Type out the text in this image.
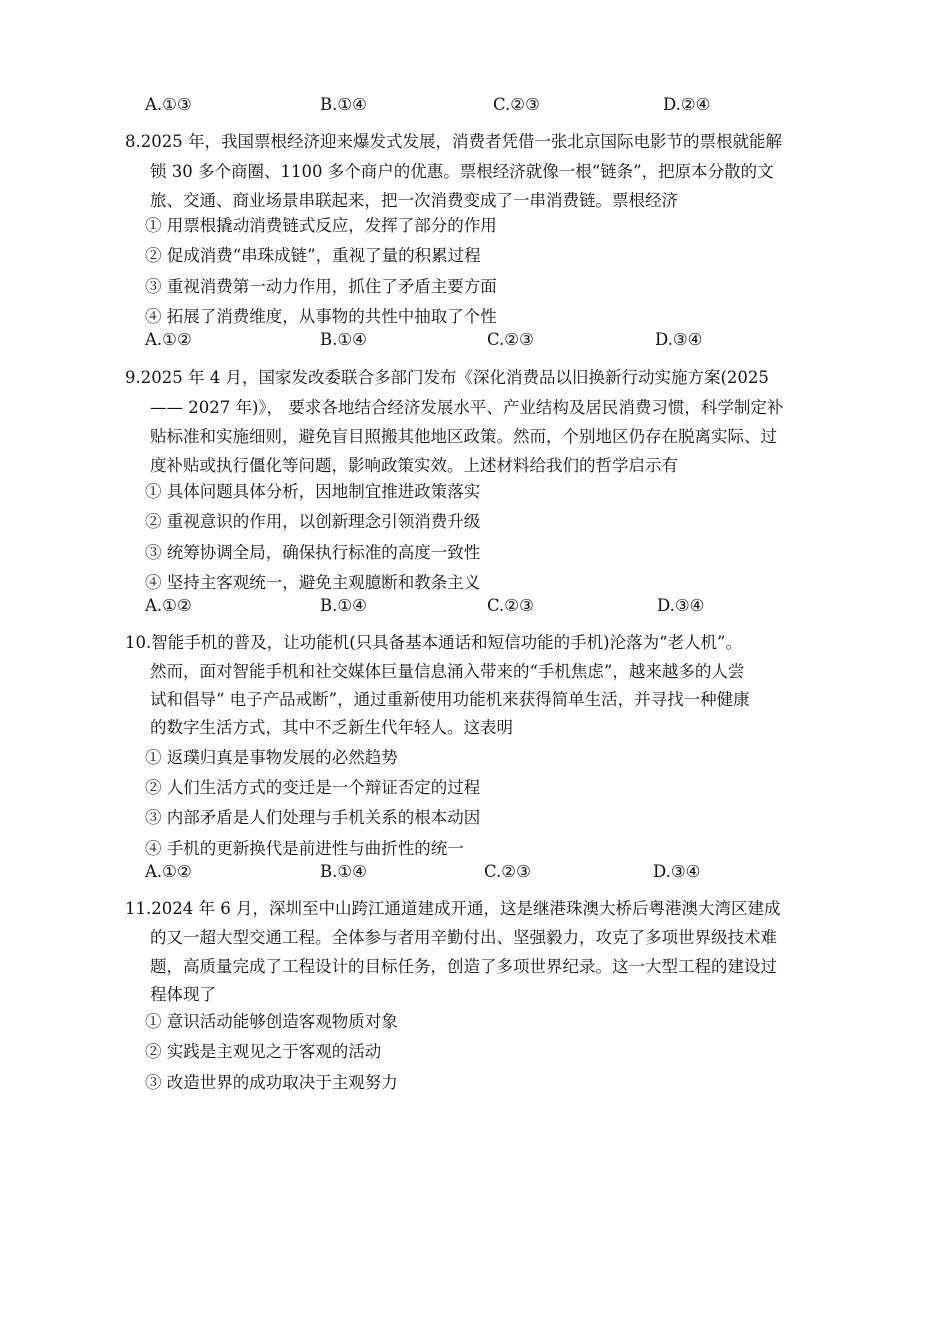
A.①③	B.①④	C.②③	D.②④
8.2025 年，我国票根经济迎来爆发式发展，消费者凭借一张北京国际电影节的票根就能解
锁 30 多个商圈、1100 多个商户的优惠。票根经济就像一根“链条”，把原本分散的文
旅、交通、商业场景串联起来，把一次消费变成了一串消费链。票根经济
① 用票根撬动消费链式反应，发挥了部分的作用
② 促成消费“串珠成链”，重视了量的积累过程
③ 重视消费第一动力作用，抓住了矛盾主要方面
④ 拓展了消费维度，从事物的共性中抽取了个性
A.①②	B.①④	C.②③	D.③④
9.2025 年 4 月，国家发改委联合多部门发布《深化消费品以旧换新行动实施方案(2025
—— 2027 年)》， 要求各地结合经济发展水平、产业结构及居民消费习惯，科学制定补
贴标准和实施细则，避免盲目照搬其他地区政策。然而，个别地区仍存在脱离实际、过
度补贴或执行僵化等问题，影响政策实效。上述材料给我们的哲学启示有
① 具体问题具体分析，因地制宜推进政策落实
② 重视意识的作用，以创新理念引领消费升级
③ 统筹协调全局，确保执行标准的高度一致性
④ 坚持主客观统一，避免主观臆断和教条主义
A.①②	B.①④	C.②③	D.③④
10.智能手机的普及，让功能机(只具备基本通话和短信功能的手机)沦落为“老人机”。
然而，面对智能手机和社交媒体巨量信息涌入带来的“手机焦虑”，越来越多的人尝
试和倡导“ 电子产品戒断”，通过重新使用功能机来获得简单生活，并寻找一种健康
的数字生活方式，其中不乏新生代年轻人。这表明
① 返璞归真是事物发展的必然趋势
② 人们生活方式的变迁是一个辩证否定的过程
③ 内部矛盾是人们处理与手机关系的根本动因
④ 手机的更新换代是前进性与曲折性的统一
A.①②	B.①④	C.②③	D.③④
11.2024 年 6 月，深圳至中山跨江通道建成开通，这是继港珠澳大桥后粤港澳大湾区建成
的又一超大型交通工程。全体参与者用辛勤付出、坚强毅力，攻克了多项世界级技术难
题，高质量完成了工程设计的目标任务，创造了多项世界纪录。这一大型工程的建设过
程体现了
① 意识活动能够创造客观物质对象
② 实践是主观见之于客观的活动
③ 改造世界的成功取决于主观努力
